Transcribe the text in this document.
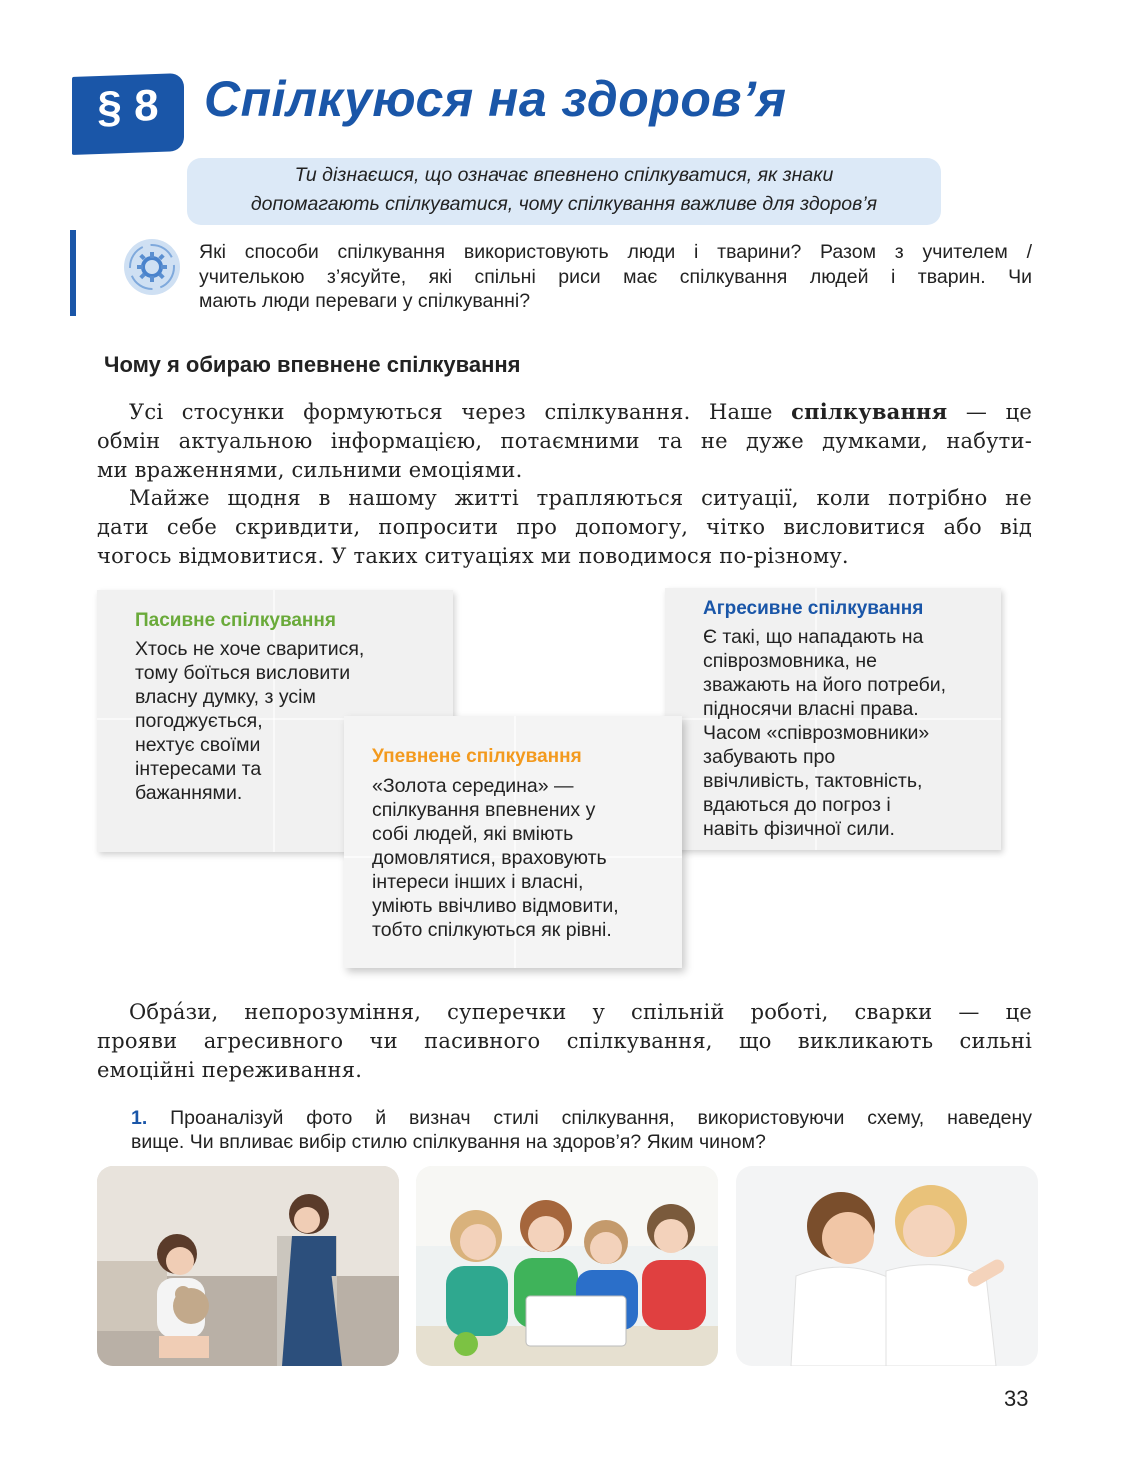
§ 8 Спілкуюся на здоров’я
Ти дізнаєшся, що означає впевнено спілкуватися, як знаки
допомагають спілкуватися, чому спілкування важливе для здоров’я
Які способи спілкування використовують люди і тварини? Разом з учителем /
учителькою з’ясуйте, які спільні риси має спілкування людей і тварин. Чи
мають люди переваги у спілкуванні?
Чому я обираю впевнене спілкування
Усі стосунки формуються через спілкування. Наше спілкування — це
обмін актуальною інформацією, потаємними та не дуже думками, набути-
ми враженнями, сильними емоціями.
Майже щодня в нашому житті трапляються ситуації, коли потрібно не
дати себе скривдити, попросити про допомогу, чітко висловитися або від
чогось відмовитися. У таких ситуаціях ми поводимося по-різному.
Пасивне спілкування
Хтось не хоче сваритися,
тому боїться висловити
власну думку, з усім
погоджується,
нехтує своїми
інтересами та
бажаннями.
Агресивне спілкування
Є такі, що нападають на
співрозмовника, не
зважають на його потреби,
підносячи власні права.
Часом «співрозмовники»
забувають про
ввічливість, тактовність,
вдаються до погроз і
навіть фізичної сили.
Упевнене спілкування
«Золота середина» —
спілкування впевнених у
собі людей, які вміють
домовлятися, враховують
інтереси інших і власні,
уміють ввічливо відмовити,
тобто спілкуються як рівні.
Обра́зи, непорозуміння, суперечки у спільній роботі, сварки — це
прояви агресивного чи пасивного спілкування, що викликають сильні
емоційні переживання.
1. Проаналізуй фото й визнач стилі спілкування, використовуючи схему, наведену
вище. Чи впливає вибір стилю спілкування на здоров’я? Яким чином?
33
